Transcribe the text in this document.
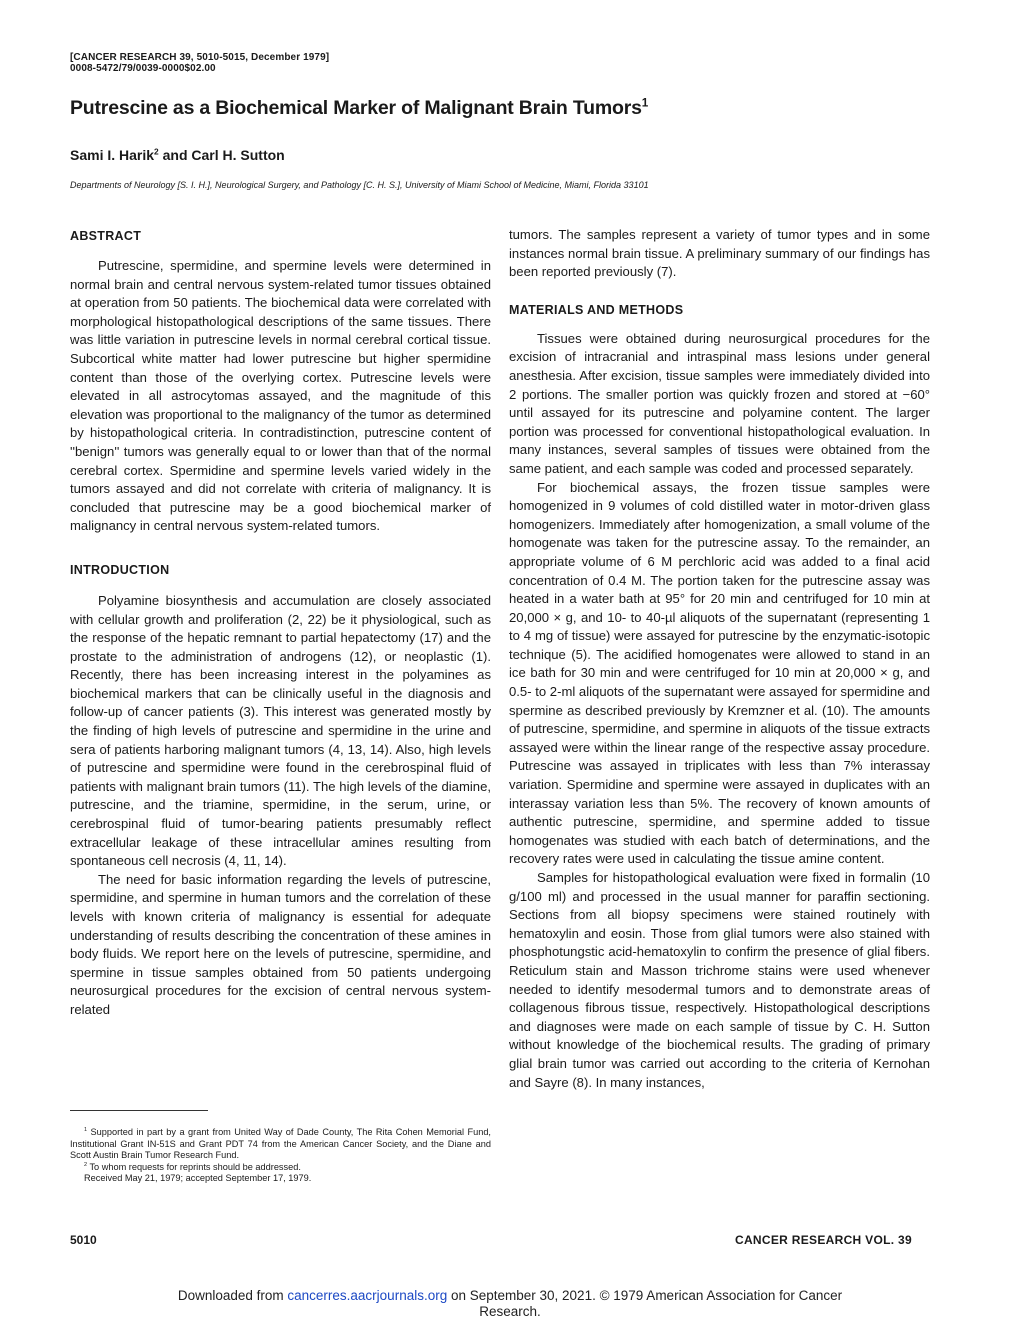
[CANCER RESEARCH 39, 5010-5015, December 1979]
0008-5472/79/0039-0000$02.00
Putrescine as a Biochemical Marker of Malignant Brain Tumors$^1$
Sami I. Harik$^2$ and Carl H. Sutton
Departments of Neurology [S. I. H.], Neurological Surgery, and Pathology [C. H. S.], University of Miami School of Medicine, Miami, Florida 33101
ABSTRACT

Putrescine, spermidine, and spermine levels were determined in normal brain and central nervous system-related tumor tissues obtained at operation from 50 patients. The biochemical data were correlated with morphological histopathological descriptions of the same tissues. There was little variation in putrescine levels in normal cerebral cortical tissue. Subcortical white matter had lower putrescine but higher spermidine content than those of the overlying cortex. Putrescine levels were elevated in all astrocytomas assayed, and the magnitude of this elevation was proportional to the malignancy of the tumor as determined by histopathological criteria. In contradistinction, putrescine content of ''benign'' tumors was generally equal to or lower than that of the normal cerebral cortex. Spermidine and spermine levels varied widely in the tumors assayed and did not correlate with criteria of malignancy. It is concluded that putrescine may be a good biochemical marker of malignancy in central nervous system-related tumors.

INTRODUCTION

Polyamine biosynthesis and accumulation are closely associated with cellular growth and proliferation (2, 22) be it physiological, such as the response of the hepatic remnant to partial hepatectomy (17) and the prostate to the administration of androgens (12), or neoplastic (1). Recently, there has been increasing interest in the polyamines as biochemical markers that can be clinically useful in the diagnosis and follow-up of cancer patients (3). This interest was generated mostly by the finding of high levels of putrescine and spermidine in the urine and sera of patients harboring malignant tumors (4, 13, 14). Also, high levels of putrescine and spermidine were found in the cerebrospinal fluid of patients with malignant brain tumors (11). The high levels of the diamine, putrescine, and the triamine, spermidine, in the serum, urine, or cerebrospinal fluid of tumor-bearing patients presumably reflect extracellular leakage of these intracellular amines resulting from spontaneous cell necrosis (4, 11, 14).

The need for basic information regarding the levels of putrescine, spermidine, and spermine in human tumors and the correlation of these levels with known criteria of malignancy is essential for adequate understanding of results describing the concentration of these amines in body fluids. We report here on the levels of putrescine, spermidine, and spermine in tissue samples obtained from 50 patients undergoing neurosurgical procedures for the excision of central nervous system-related

$^1$ Supported in part by a grant from United Way of Dade County, The Rita Cohen Memorial Fund, Institutional Grant IN-51S and Grant PDT 74 from the American Cancer Society, and the Diane and Scott Austin Brain Tumor Research Fund.

$^2$ To whom requests for reprints should be addressed.

Received May 21, 1979; accepted September 17, 1979.

tumors. The samples represent a variety of tumor types and in some instances normal brain tissue. A preliminary summary of our findings has been reported previously (7).

MATERIALS AND METHODS

Tissues were obtained during neurosurgical procedures for the excision of intracranial and intraspinal mass lesions under general anesthesia. After excision, tissue samples were immediately divided into 2 portions. The smaller portion was quickly frozen and stored at −60° until assayed for its putrescine and polyamine content. The larger portion was processed for conventional histopathological evaluation. In many instances, several samples of tissues were obtained from the same patient, and each sample was coded and processed separately.

For biochemical assays, the frozen tissue samples were homogenized in 9 volumes of cold distilled water in motor-driven glass homogenizers. Immediately after homogenization, a small volume of the homogenate was taken for the putrescine assay. To the remainder, an appropriate volume of 6 M perchloric acid was added to a final acid concentration of 0.4 M. The portion taken for the putrescine assay was heated in a water bath at 95° for 20 min and centrifuged for 10 min at 20,000 × g, and 10- to 40-µl aliquots of the supernatant (representing 1 to 4 mg of tissue) were assayed for putrescine by the enzymatic-isotopic technique (5). The acidified homogenates were allowed to stand in an ice bath for 30 min and were centrifuged for 10 min at 20,000 × g, and 0.5- to 2-ml aliquots of the supernatant were assayed for spermidine and spermine as described previously by Kremzner et al. (10). The amounts of putrescine, spermidine, and spermine in aliquots of the tissue extracts assayed were within the linear range of the respective assay procedure. Putrescine was assayed in triplicates with less than 7% interassay variation. Spermidine and spermine were assayed in duplicates with an interassay variation less than 5%. The recovery of known amounts of authentic putrescine, spermidine, and spermine added to tissue homogenates was studied with each batch of determinations, and the recovery rates were used in calculating the tissue amine content.

Samples for histopathological evaluation were fixed in formalin (10 g/100 ml) and processed in the usual manner for paraffin sectioning. Sections from all biopsy specimens were stained routinely with hematoxylin and eosin. Those from glial tumors were also stained with phosphotungstic acid-hematoxylin to confirm the presence of glial fibers. Reticulum stain and Masson trichrome stains were used whenever needed to identify mesodermal tumors and to demonstrate areas of collagenous fibrous tissue, respectively. Histopathological descriptions and diagnoses were made on each sample of tissue by C. H. Sutton without knowledge of the biochemical results. The grading of primary glial brain tumor was carried out according to the criteria of Kernohan and Sayre (8). In many instances,

5010	CANCER RESEARCH VOL. 39
Downloaded from cancerres.aacrjournals.org on September 30, 2021. © 1979 American Association for Cancer
Research.
